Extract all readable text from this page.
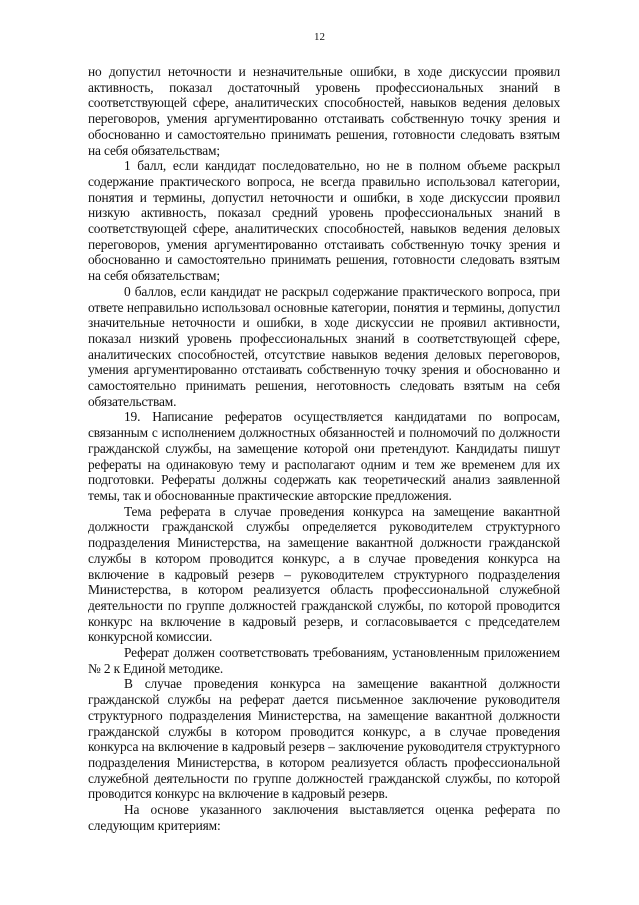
12

но допустил неточности и незначительные ошибки, в ходе дискуссии проявил активность, показал достаточный уровень профессиональных знаний в соответствующей сфере, аналитических способностей, навыков ведения деловых переговоров, умения аргументированно отстаивать собственную точку зрения и обоснованно и самостоятельно принимать решения, готовности следовать взятым на себя обязательствам;

1 балл, если кандидат последовательно, но не в полном объеме раскрыл содержание практического вопроса, не всегда правильно использовал категории, понятия и термины, допустил неточности и ошибки, в ходе дискуссии проявил низкую активность, показал средний уровень профессиональных знаний в соответствующей сфере, аналитических способностей, навыков ведения деловых переговоров, умения аргументированно отстаивать собственную точку зрения и обоснованно и самостоятельно принимать решения, готовности следовать взятым на себя обязательствам;

0 баллов, если кандидат не раскрыл содержание практического вопроса, при ответе неправильно использовал основные категории, понятия и термины, допустил значительные неточности и ошибки, в ходе дискуссии не проявил активности, показал низкий уровень профессиональных знаний в соответствующей сфере, аналитических способностей, отсутствие навыков ведения деловых переговоров, умения аргументированно отстаивать собственную точку зрения и обоснованно и самостоятельно принимать решения, неготовность следовать взятым на себя обязательствам.

19. Написание рефератов осуществляется кандидатами по вопросам, связанным с исполнением должностных обязанностей и полномочий по должности гражданской службы, на замещение которой они претендуют. Кандидаты пишут рефераты на одинаковую тему и располагают одним и тем же временем для их подготовки. Рефераты должны содержать как теоретический анализ заявленной темы, так и обоснованные практические авторские предложения.

Тема реферата в случае проведения конкурса на замещение вакантной должности гражданской службы определяется руководителем структурного подразделения Министерства, на замещение вакантной должности гражданской службы в котором проводится конкурс, а в случае проведения конкурса на включение в кадровый резерв – руководителем структурного подразделения Министерства, в котором реализуется область профессиональной служебной деятельности по группе должностей гражданской службы, по которой проводится конкурс на включение в кадровый резерв, и согласовывается с председателем конкурсной комиссии.

Реферат должен соответствовать требованиям, установленным приложением № 2 к Единой методике.

В случае проведения конкурса на замещение вакантной должности гражданской службы на реферат дается письменное заключение руководителя структурного подразделения Министерства, на замещение вакантной должности гражданской службы в котором проводится конкурс, а в случае проведения конкурса на включение в кадровый резерв – заключение руководителя структурного подразделения Министерства, в котором реализуется область профессиональной служебной деятельности по группе должностей гражданской службы, по которой проводится конкурс на включение в кадровый резерв.

На основе указанного заключения выставляется оценка реферата по следующим критериям:
